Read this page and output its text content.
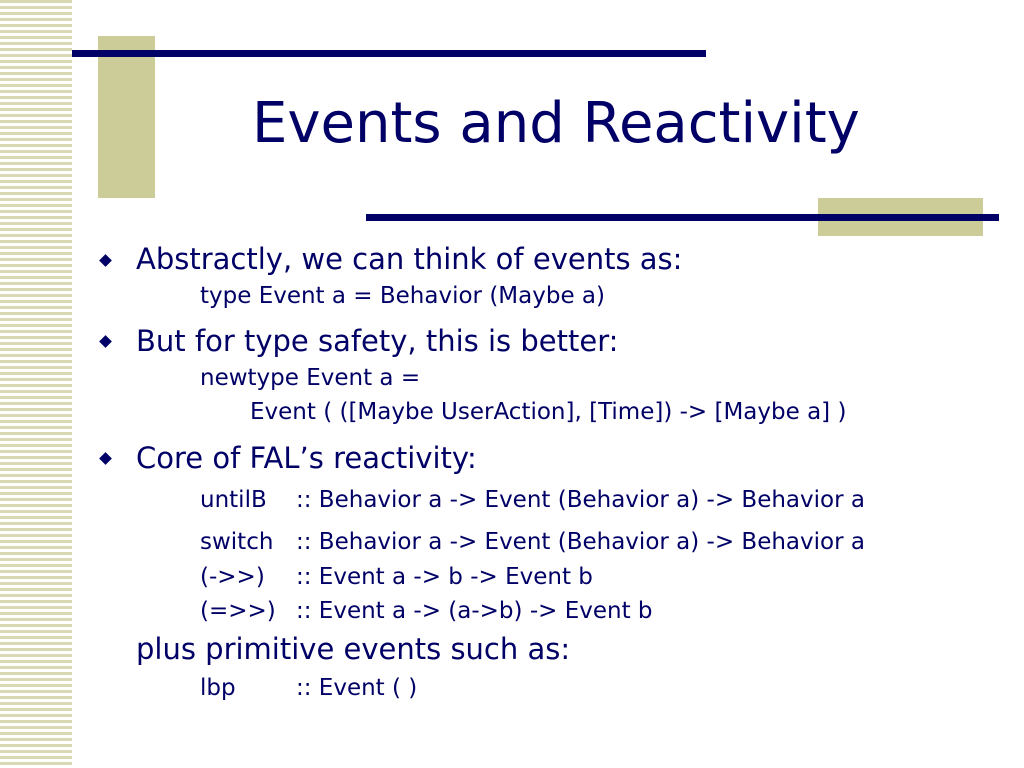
Events and Reactivity
Abstractly, we can think of events as:
type Event a = Behavior (Maybe a)
But for type safety, this is better:
newtype Event a =
Event ( ([Maybe UserAction], [Time]) -> [Maybe a] )
Core of FAL’s reactivity:
untilB :: Behavior a -> Event (Behavior a) -> Behavior a
switch :: Behavior a -> Event (Behavior a) -> Behavior a
(->>) :: Event a -> b -> Event b
(=>>) :: Event a -> (a->b) -> Event b
plus primitive events such as:
lbp	:: Event ( )
